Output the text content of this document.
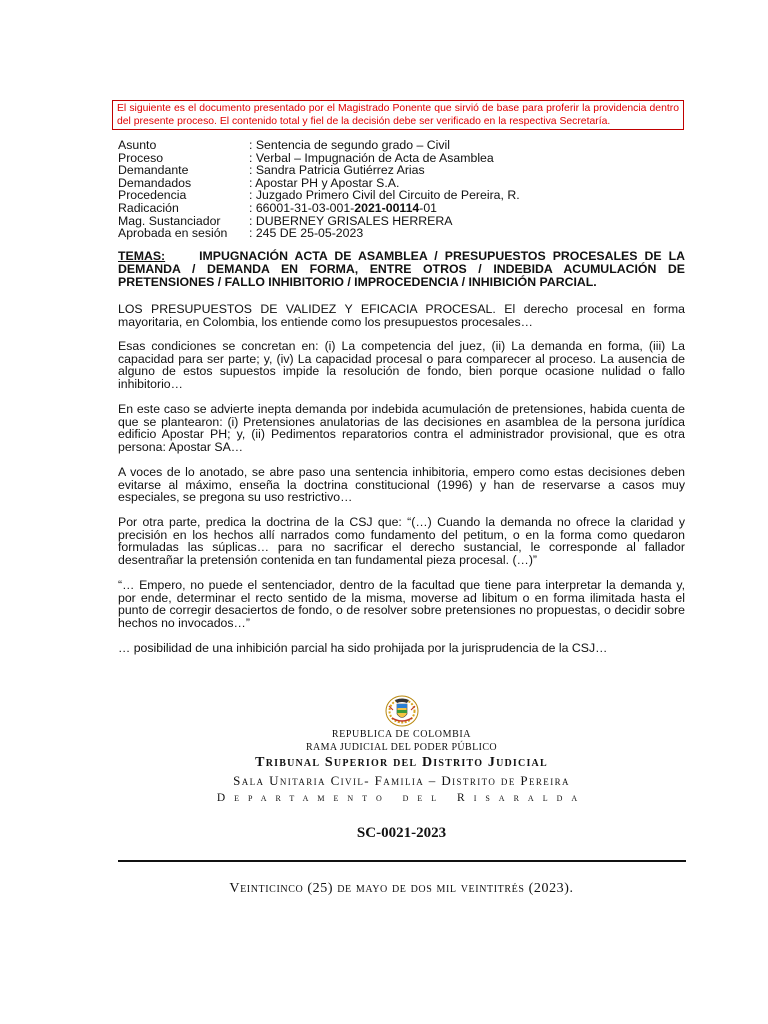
El siguiente es el documento presentado por el Magistrado Ponente que sirvió de base para proferir la providencia dentro del presente proceso. El contenido total y fiel de la decisión debe ser verificado en la respectiva Secretaría.
Asunto	: Sentencia de segundo grado – Civil
Proceso	: Verbal – Impugnación de Acta de Asamblea
Demandante	: Sandra Patricia Gutiérrez Arias
Demandados	: Apostar PH y Apostar S.A.
Procedencia	: Juzgado Primero Civil del Circuito de Pereira, R.
Radicación	: 66001-31-03-001-2021-00114-01
Mag. Sustanciador	: DUBERNEY GRISALES HERRERA
Aprobada en sesión	: 245 DE 25-05-2023
TEMAS:	IMPUGNACIÓN ACTA DE ASAMBLEA / PRESUPUESTOS PROCESALES DE LA DEMANDA / DEMANDA EN FORMA, ENTRE OTROS / INDEBIDA ACUMULACIÓN DE PRETENSIONES / FALLO INHIBITORIO / IMPROCEDENCIA / INHIBICIÓN PARCIAL.
LOS PRESUPUESTOS DE VALIDEZ Y EFICACIA PROCESAL. El derecho procesal en forma mayoritaria, en Colombia, los entiende como los presupuestos procesales…
Esas condiciones se concretan en: (i) La competencia del juez, (ii) La demanda en forma, (iii) La capacidad para ser parte; y, (iv) La capacidad procesal o para comparecer al proceso. La ausencia de alguno de estos supuestos impide la resolución de fondo, bien porque ocasione nulidad o fallo inhibitorio…
En este caso se advierte inepta demanda por indebida acumulación de pretensiones, habida cuenta de que se plantearon: (i) Pretensiones anulatorias de las decisiones en asamblea de la persona jurídica edificio Apostar PH; y, (ii) Pedimentos reparatorios contra el administrador provisional, que es otra persona: Apostar SA…
A voces de lo anotado, se abre paso una sentencia inhibitoria, empero como estas decisiones deben evitarse al máximo, enseña la doctrina constitucional (1996) y han de reservarse a casos muy especiales, se pregona su uso restrictivo…
Por otra parte, predica la doctrina de la CSJ que: “(…) Cuando la demanda no ofrece la claridad y precisión en los hechos allí narrados como fundamento del petitum, o en la forma como quedaron formuladas las súplicas… para no sacrificar el derecho sustancial, le corresponde al fallador desentrañar la pretensión contenida en tan fundamental pieza procesal. (…)”
“… Empero, no puede el sentenciador, dentro de la facultad que tiene para interpretar la demanda y, por ende, determinar el recto sentido de la misma, moverse ad libitum o en forma ilimitada hasta el punto de corregir desaciertos de fondo, o de resolver sobre pretensiones no propuestas, o decidir sobre hechos no invocados…”
… posibilidad de una inhibición parcial ha sido prohijada por la jurisprudencia de la CSJ…
REPUBLICA DE COLOMBIA
RAMA JUDICIAL DEL PODER PÚBLICO
Tribunal Superior del Distrito Judicial
Sala Unitaria Civil- Familia – Distrito de Pereira
Departamento del Risaralda
SC-0021-2023
Veinticinco (25) de mayo de dos mil veintitrés (2023).
